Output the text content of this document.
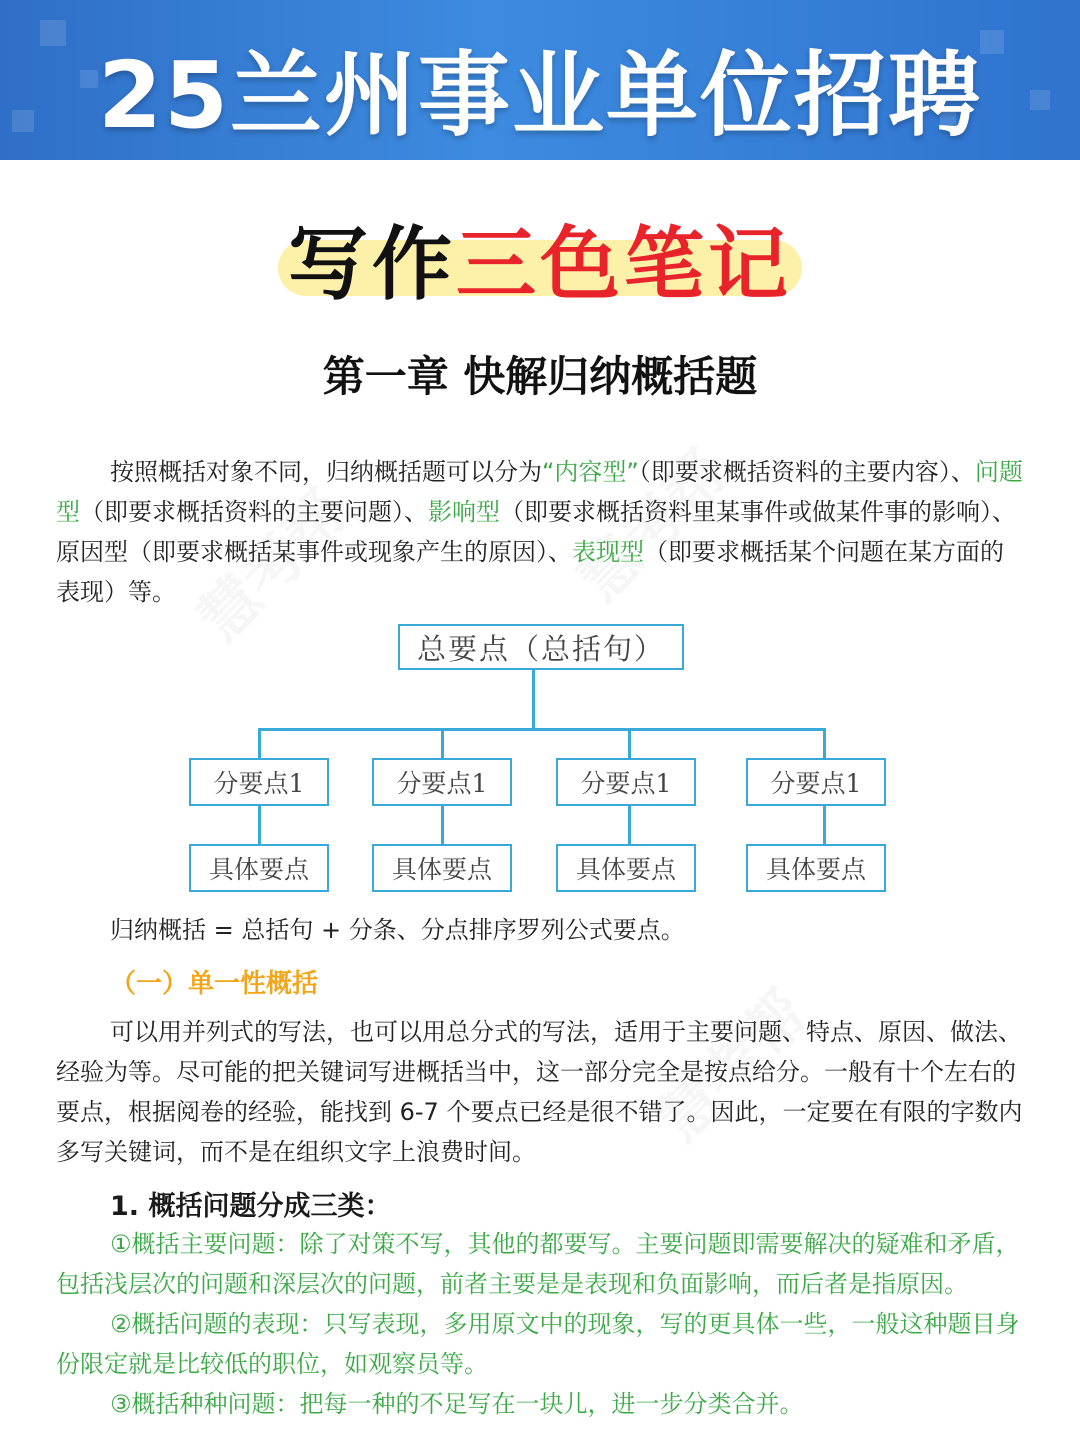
25兰州事业单位招聘
写作三色笔记
第一章 快解归纳概括题
按照概括对象不同，归纳概括题可以分为“内容型”（即要求概括资料的主要内容）、问题型（即要求概括资料的主要问题）、影响型（即要求概括资料里某事件或做某件事的影响）、原因型（即要求概括某事件或现象产生的原因）、表现型（即要求概括某个问题在某方面的表现）等。
总要点（总括句）
分要点1	分要点1	分要点1	分要点1
具体要点	具体要点	具体要点	具体要点
归纳概括 = 总括句 + 分条、分点排序罗列公式要点。
（一）单一性概括
可以用并列式的写法，也可以用总分式的写法，适用于主要问题、特点、原因、做法、经验为等。尽可能的把关键词写进概括当中，这一部分完全是按点给分。一般有十个左右的要点，根据阅卷的经验，能找到 6-7 个要点已经是很不错了。因此，一定要在有限的字数内多写关键词，而不是在组织文字上浪费时间。
1. 概括问题分成三类：
①概括主要问题：除了对策不写，其他的都要写。主要问题即需要解决的疑难和矛盾，包括浅层次的问题和深层次的问题，前者主要是是表现和负面影响，而后者是指原因。
②概括问题的表现：只写表现，多用原文中的现象，写的更具体一些，一般这种题目身份限定就是比较低的职位，如观察员等。
③概括种种问题：把每一种的不足写在一块儿，进一步分类合并。
